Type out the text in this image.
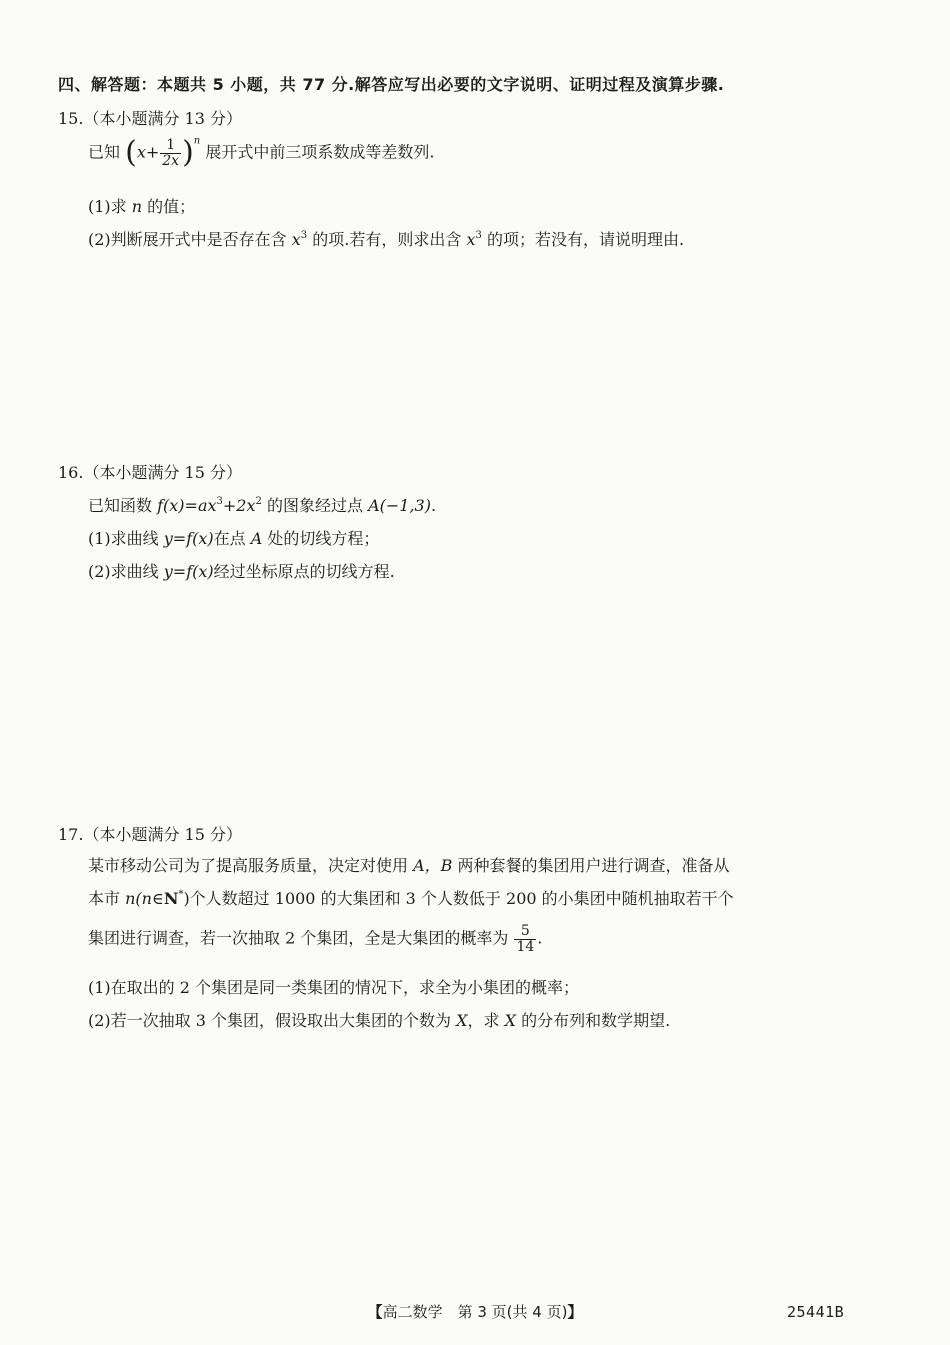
四、解答题：本题共 5 小题，共 77 分.解答应写出必要的文字说明、证明过程及演算步骤.
15.（本小题满分 13 分）
已知 $(x+ \frac{1}{2x} )^n$ 展开式中前三项系数成等差数列.
(1)求 n 的值；
(2)判断展开式中是否存在含 $x^3$ 的项.若有，则求出含 $x^3$ 的项；若没有，请说明理由.
16.（本小题满分 15 分）
已知函数 $f(x)=ax^3+2x^2$ 的图象经过点 A(−1,3).
(1)求曲线 y=f(x)在点 A 处的切线方程；
(2)求曲线 y=f(x)经过坐标原点的切线方程.
17.（本小题满分 15 分）
某市移动公司为了提高服务质量，决定对使用 A，B 两种套餐的集团用户进行调查，准备从
本市 n(n∈N*)个人数超过 1000 的大集团和 3 个人数低于 200 的小集团中随机抽取若干个
集团进行调查，若一次抽取 2 个集团，全是大集团的概率为 $\frac{5}{14}$ .
(1)在取出的 2 个集团是同一类集团的情况下，求全为小集团的概率；
(2)若一次抽取 3 个集团，假设取出大集团的个数为 X，求 X 的分布列和数学期望.
【高二数学　第 3 页(共 4 页)】	25441B
